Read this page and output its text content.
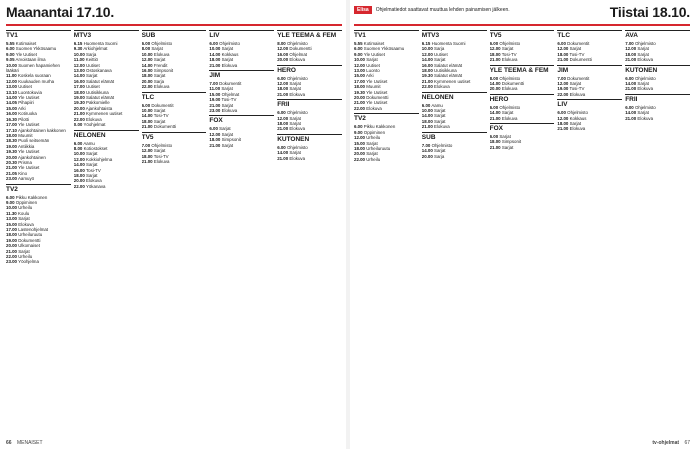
Maanantai 17.10.
TV1
5.55 Kotimaiset
6.00 Suomen Ykkösaamu
9.00 Yle Uutiset
9.05 Arvoistaan ilma
10.00 Suomen hapamiehen lääkäri
11.00 Koskela suoraan
12.00 Kuukauden murha
13.00 Uutiset
13.10 Luontokuvia
14.00 Yle Uutiset
14.05 Pihapiiri
15.00 Arki
16.00 Kotiruoka
16.30 Pilotti
17.00 Yle Uutiset
17.10 Ajankohtainen kakkonen
18.00 Muumit
18.30 Puoli seitsemän
19.00 Antiikkia
19.30 Yle Uutiset
20.00 Ajankohtainen
20.30 Prisma
21.00 Yle Uutiset
21.05 Kino
23.00 Aamuyö
TV2
6.00 Pikku Kakkonen
9.00 Oppiminen
10.00 Urheilu
11.30 Koulu
13.00 Sarjat
15.00 Elokuva
17.00 Lastenohjelmat
18.00 Urheiluruutu
19.00 Dokumentti
20.00 Ulkomaiset
21.00 Sarjat
22.00 Urheilu
23.00 Yöohjelma
MTV3
6.15 Huomenta Suomi
9.30 Arkiohjelmat
10.00 Sarja
11.00 Keittiö
12.00 Uutiset
13.00 Ostoskanava
14.00 Sarjat
16.00 Salatut elämät
17.00 Uutiset
18.00 Uutisikkuna
19.00 Salatut elämät
19.30 Pakkomielle
20.00 Ajankohtaista
21.00 Kymmenen uutiset
22.00 Elokuva
0.00 Yöohjelmat
NELONEN
6.00 Aamu
8.00 Kotiostokset
10.00 Sarjat
12.00 Kokkiohjelma
14.00 Sarjat
16.00 Tosi-TV
18.00 Sarjat
20.00 Elokuva
22.00 Yökanava
SUB
6.00 Ohjelmisto
8.00 Sarjat
10.00 Elokuva
12.00 Sarjat
14.00 Frendit
16.00 Simpsonit
18.00 Sarjat
20.00 Sarja
22.00 Elokuva
TLC
6.00 Dokumentit
10.00 Sarjat
14.00 Tosi-TV
18.00 Sarjat
21.00 Dokumentti
TV5
7.00 Ohjelmisto
12.00 Sarjat
18.00 Tosi-TV
21.00 Elokuva
LIV
6.00 Ohjelmisto
10.00 Sarjat
14.00 Kokkaus
18.00 Sarjat
21.00 Elokuva
JIM
7.00 Dokumentit
11.00 Sarjat
15.00 Ohjelmat
19.00 Tosi-TV
21.00 Sarjat
23.00 Elokuva
FOX
6.00 Sarjat
12.00 Sarjat
18.00 Simpsonit
21.00 Sarjat
YLE TEEMA & FEM
8.00 Ohjelmisto
12.00 Dokumentti
16.00 Ohjelmat
20.00 Elokuva
HERO
6.00 Ohjelmisto
12.00 Sarjat
18.00 Sarjat
21.00 Elokuva
FRII
6.00 Ohjelmisto
12.00 Sarjat
18.00 Sarjat
21.00 Elokuva
KUTONEN
6.00 Ohjelmisto
14.00 Sarjat
21.00 Elokuva
66 MENAISET
Elisa	Ohjelmatiedot saattavat muuttua lehden painamisen jälkeen.	Tiistai 18.10.
TV1
5.55 Kotimaiset
6.00 Suomen Ykkösaamu
9.00 Yle Uutiset
10.00 Sarjat
12.00 Uutiset
13.00 Luonto
15.00 Arki
17.00 Yle Uutiset
18.00 Muumit
19.30 Yle Uutiset
20.00 Dokumentti
21.00 Yle Uutiset
22.00 Elokuva
TV2
6.00 Pikku Kakkonen
9.00 Oppiminen
12.00 Urheilu
15.00 Sarjat
18.00 Urheiluruutu
20.00 Sarjat
22.00 Urheilu
MTV3
6.15 Huomenta Suomi
10.00 Sarja
12.00 Uutiset
14.00 Sarjat
16.00 Salatut elämät
18.00 Uutisikkuna
19.30 Salatut elämät
21.00 Kymmenen uutiset
22.00 Elokuva
NELONEN
6.00 Aamu
10.00 Sarjat
14.00 Sarjat
18.00 Sarjat
21.00 Elokuva
SUB
7.00 Ohjelmisto
14.00 Sarjat
20.00 Sarja
TV5
6.00 Ohjelmisto
12.00 Sarjat
18.00 Tosi-TV
21.00 Elokuva
YLE TEEMA & FEM
8.00 Ohjelmisto
14.00 Dokumentti
20.00 Elokuva
HERO
6.00 Ohjelmisto
14.00 Sarjat
21.00 Elokuva
FOX
6.00 Sarjat
18.00 Simpsonit
21.00 Sarjat
TLC
6.00 Dokumentit
12.00 Sarjat
18.00 Tosi-TV
21.00 Dokumentti
JIM
7.00 Dokumentit
12.00 Sarjat
19.00 Tosi-TV
22.00 Elokuva
LIV
6.00 Ohjelmisto
12.00 Kokkaus
18.00 Sarjat
21.00 Elokuva
AVA
7.00 Ohjelmisto
12.00 Sarjat
18.00 Sarjat
21.00 Elokuva
KUTONEN
6.00 Ohjelmisto
14.00 Sarjat
21.00 Elokuva
FRII
6.00 Ohjelmisto
14.00 Sarjat
21.00 Elokuva
tv-ohjelmat 67
